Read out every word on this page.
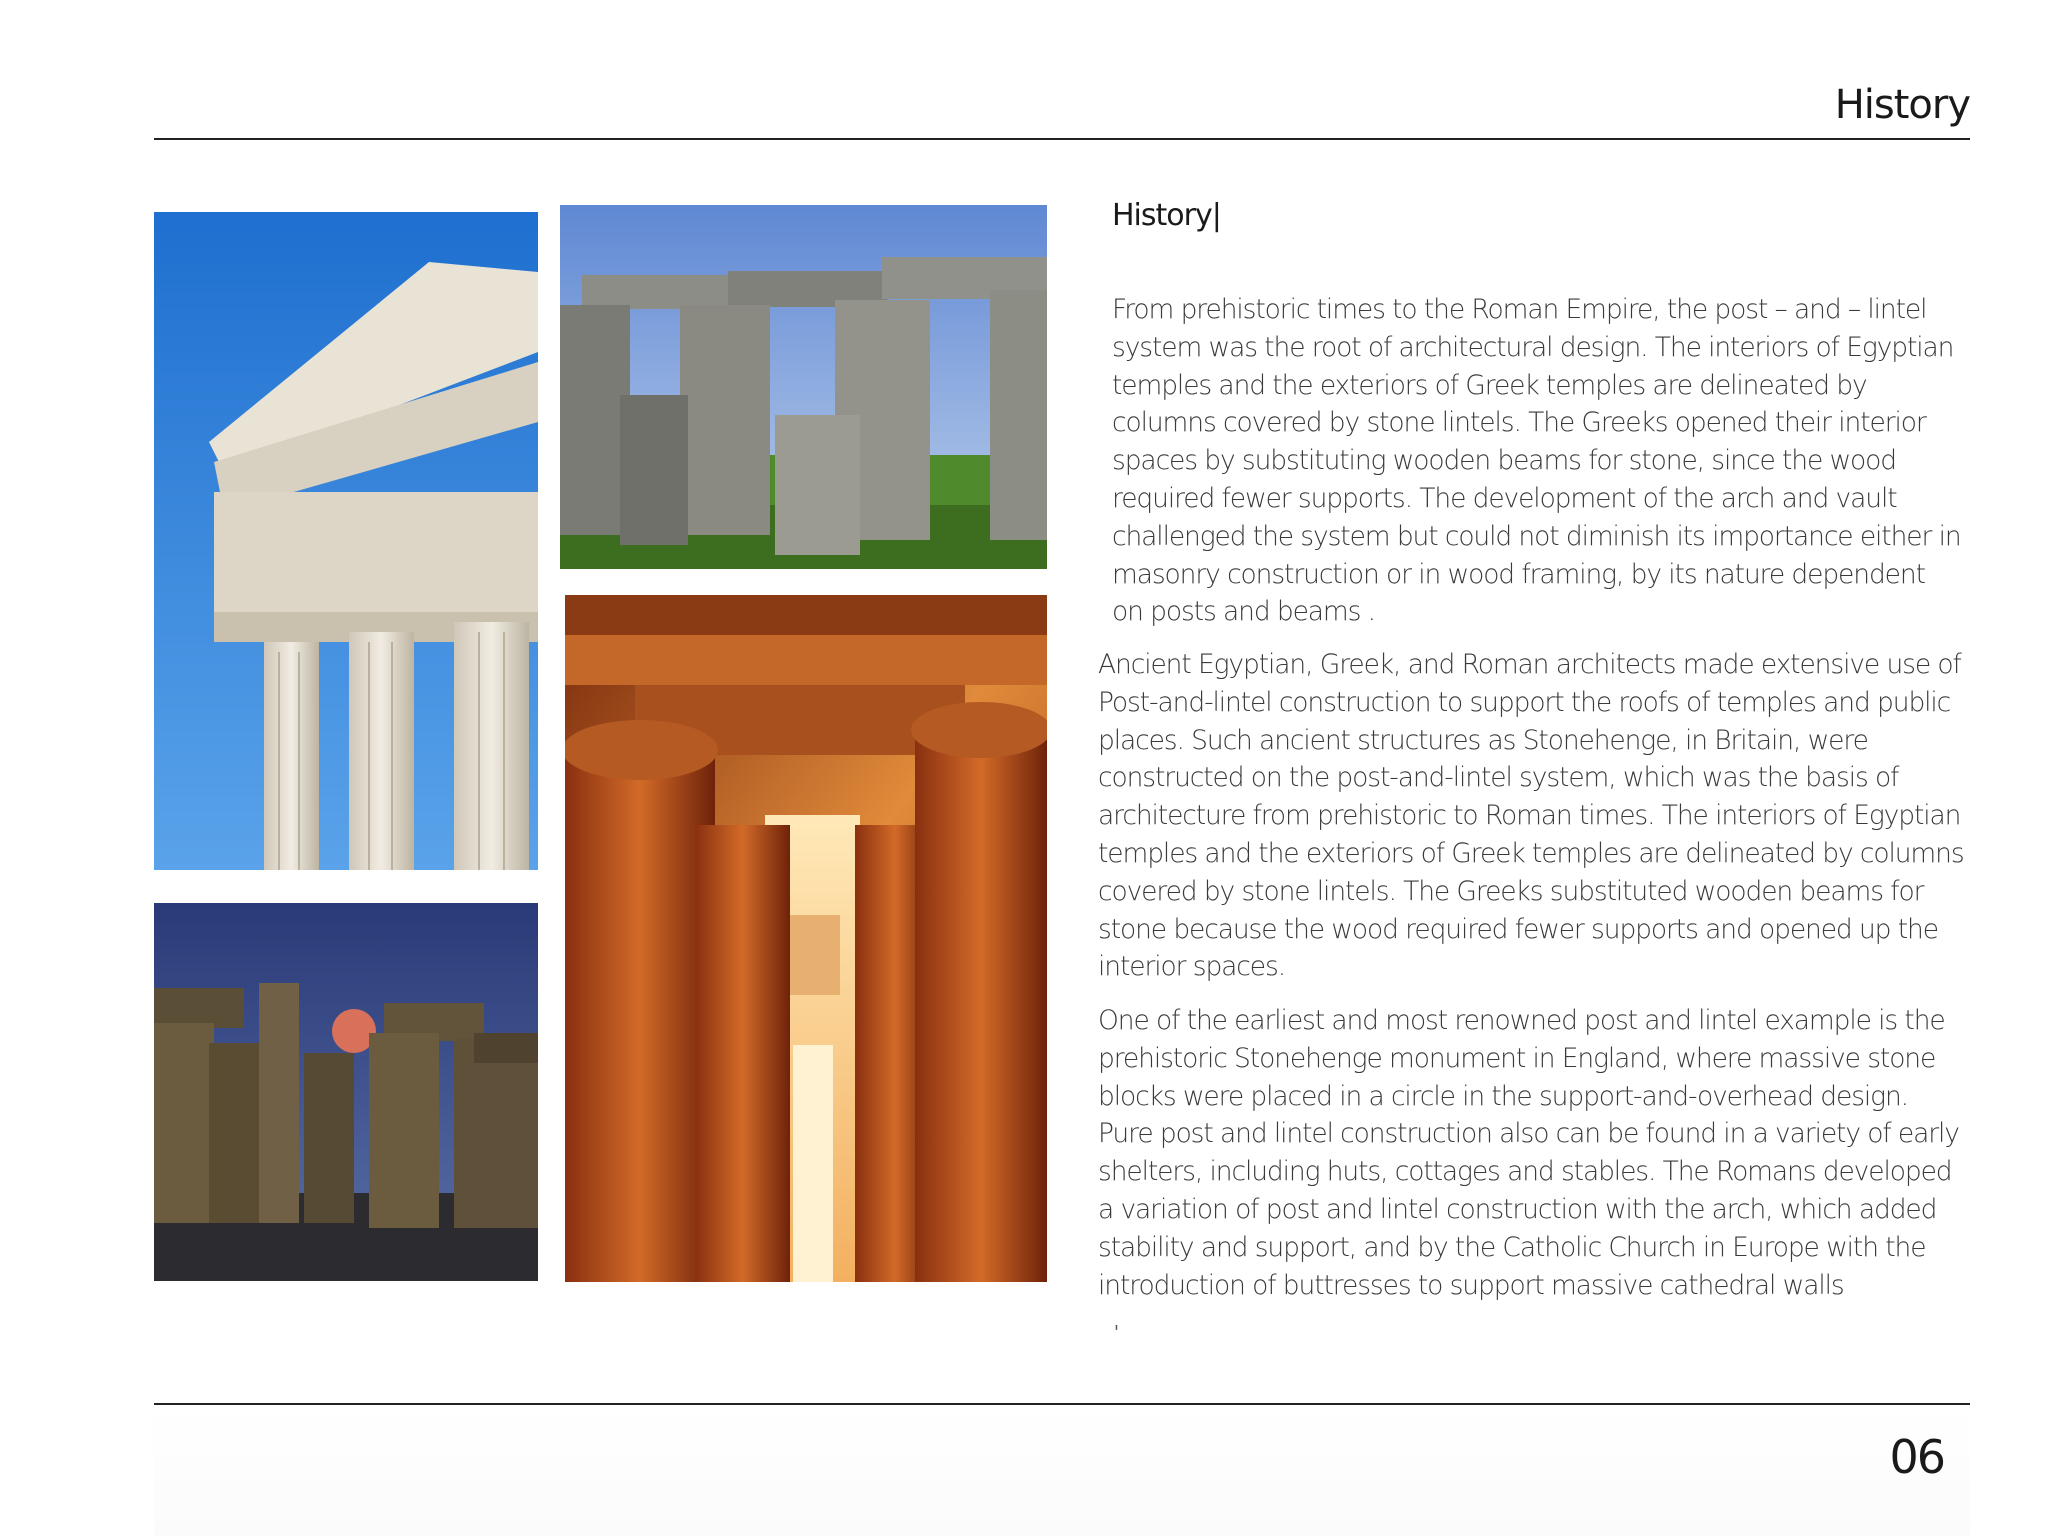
History
History|

From prehistoric times to the Roman Empire, the post – and – lintel system was the root of architectural design. The interiors of Egyptian temples and the exteriors of Greek temples are delineated by columns covered by stone lintels. The Greeks opened their interior spaces by substituting wooden beams for stone, since the wood required fewer supports. The development of the arch and vault challenged the system but could not diminish its importance either in masonry construction or in wood framing, by its nature dependent on posts and beams .

Ancient Egyptian, Greek, and Roman architects made extensive use of Post-and-lintel construction to support the roofs of temples and public places. Such ancient structures as Stonehenge, in Britain, were constructed on the post-and-lintel system, which was the basis of architecture from prehistoric to Roman times. The interiors of Egyptian temples and the exteriors of Greek temples are delineated by columns covered by stone lintels. The Greeks substituted wooden beams for stone because the wood required fewer supports and opened up the interior spaces.

One of the earliest and most renowned post and lintel example is the prehistoric Stonehenge monument in England, where massive stone blocks were placed in a circle in the support-and-overhead design. Pure post and lintel construction also can be found in a variety of early shelters, including huts, cottages and stables. The Romans developed a variation of post and lintel construction with the arch, which added stability and support, and by the Catholic Church in Europe with the introduction of buttresses to support massive cathedral walls

'
06
